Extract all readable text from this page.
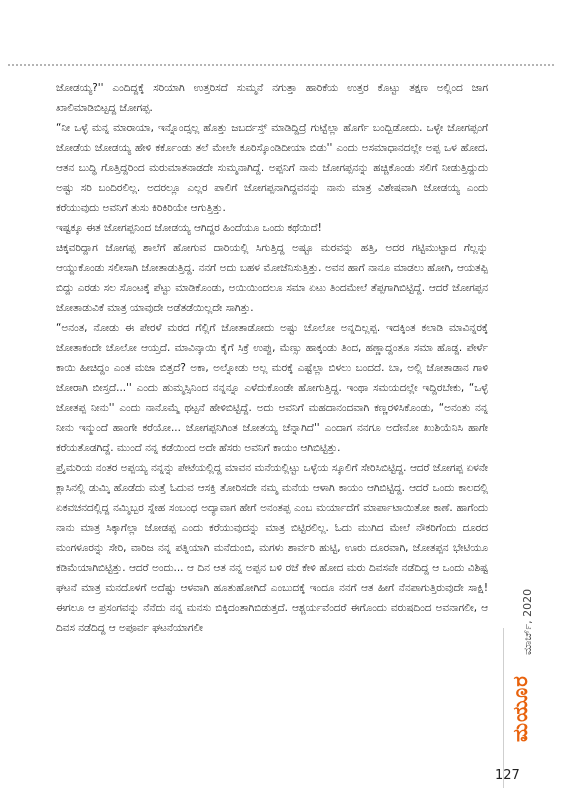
ಜೋಡಯ್ಯ?'' ಎಂದಿದ್ದಕ್ಕೆ ಸರಿಯಾಗಿ ಉತ್ತರಿಸದೆ ಸುಮ್ಮನೆ ನಗುತ್ತಾ ಹಾರಿಕೆಯ ಉತ್ತರ ಕೊಟ್ಟು ತಕ್ಷಣ ಅಲ್ಲಿಂದ ಜಾಗ ಖಾಲಿಮಾಡಿಬಿಟ್ಟದ್ದ ಜೋಗಪ್ಪ.

“ನೀ ಒಳ್ಳೆ ಮನ್ನ ಮಾರಾಯಾ, ಇನ್ನೊಂದ್ಸಲ್ಲ ಹೊತ್ತು ಜಬರ್ದಸ್ತ್ ಮಾಡಿದ್ದಿದ್ರೆ ಗುಟ್ಟೆಲ್ಲಾ ಹೊರ್ಗೆ ಬಂದ್ಬಿಡೋದು. ಒಳ್ಳೇ ಜೋಗಪ್ಪಂಗೆ ಜೋಡೆಯ ಜೋಡಯ್ಯ ಹೇಳಿ ಕರ್ಕೊಂಡು ತಲೆ ಮೇಲೇ ಕೂರಿಸ್ಕೊಂಡಿದೀಯಾ ಬಿಡು'' ಎಂದು ಅಸಮಾಧಾನದಲ್ಲೇ ಅಪ್ಪ ಒಳ ಹೋದ. ಆತನ ಬುದ್ಧಿ ಗೊತ್ತಿದ್ದರಿಂದ ಮರುಮಾತನಾಡದೇ ಸುಮ್ಮನಾಗಿದ್ದೆ. ಅಪ್ಪನಿಗೆ ನಾನು ಜೋಗಪ್ಪನನ್ನು ಹಚ್ಚಿಕೊಂಡು ಸಲಿಗೆ ನೀಡುತ್ತಿದ್ದುದು ಅಷ್ಟು ಸರಿ ಬಂದಿರಲಿಲ್ಲ. ಅದರಲ್ಲೂ ಎಲ್ಲರ ಪಾಲಿಗೆ ಜೋಗಪ್ಪನಾಗಿದ್ದವನನ್ನು ನಾನು ಮಾತ್ರ ವಿಶೇಷವಾಗಿ ಜೋಡಯ್ಯ ಎಂದು ಕರೆಯುವುದು ಅವನಿಗೆ ತುಸು ಕಿರಿಕಿರಿಯೇ ಆಗುತ್ತಿತ್ತು.

ಇಷ್ಟಕ್ಕೂ ಈತ ಜೋಗಪ್ಪನಿಂದ ಜೋಡಯ್ಯ ಆಗಿದ್ದರ ಹಿಂದೆಯೂ ಒಂದು ಕಥೆಯಿದೆ!

ಚಿಕ್ಕವರಿದ್ದಾಗ ಜೋಗಪ್ಪ ಶಾಲೆಗೆ ಹೋಗುವ ದಾರಿಯಲ್ಲಿ ಸಿಗುತ್ತಿದ್ದ ಅಷ್ಟೂ ಮರವನ್ನು ಹತ್ತಿ, ಅದರ ಗಟ್ಟಿಮುಟ್ಟಾದ ಗೆಲ್ಲನ್ನು ಆಯ್ದುಕೊಂಡು ಸಲೀಸಾಗಿ ಜೋತಾಡುತ್ತಿದ್ದ. ನನಗೆ ಅದು ಬಹಳ ಮೋಜೆನಿಸುತ್ತಿತ್ತು. ಅವನ ಹಾಗೆ ನಾನೂ ಮಾಡಲು ಹೋಗಿ, ಆಯತಪ್ಪಿ ಬಿದ್ದು ಎರಡು ಸಲ ಸೊಂಟಕ್ಕೆ ಪೆಟ್ಟು ಮಾಡಿಕೊಂಡು, ಅಯಿಯಿಂದಲೂ ಸಮಾ ಏಟು ತಿಂದಮೇಲೆ ತೆಪ್ಪಗಾಗಿಬಿಟ್ಟಿದ್ದೆ. ಆದರೆ ಜೋಗಪ್ಪನ ಜೋತಾಡುವಿಕೆ ಮಾತ್ರ ಯಾವುದೇ ಅಡೆತಡೆಯಿಲ್ಲದೇ ಸಾಗಿತ್ತು.

“ಅನಂತ, ನೋಡು ಈ ಪೇರಳೆ ಮರದ ಗೆಲ್ಲಿಗೆ ಜೋತಾಡೋದು ಅಷ್ಟು ಚೊಲೋ ಅನ್ನದಿಲ್ಲಪ್ಪ. ಇದಕ್ಕಿಂತ ಕಲಾಡಿ ಮಾವಿನ್ನರಕ್ಕೆ ಜೋತಾಕಂದೇ ಚೊಲೋ ಆಯ್ತದೆ. ಮಾವಿನ್ಕಾಯಿ ಕೈಗೆ ಸಿಕ್ರೆ ಉಪ್ಪು, ಮೆಣ್ಸು ಹಾಕ್ಕಂಡು ತಿಂದ, ಹಣ್ಣಾದ್ದಂತೂ ಸಮಾ ಹೊಡ್ದ. ಪೇರ್ಳೆ ಕಾಯಿ ಹೀಚಿದ್ದಂ ಎಂತ ಮಜಾ ಬಿತ್ತದೆ? ಅಕಾ, ಅಲ್ನೋಡು ಅಲ್ಲ ಮರಕ್ಕೆ ಎಷ್ಟೆಲ್ಲಾ ಬಿಳಲು ಬಂದದೆ. ಬಾ, ಅಲ್ಲಿ ಜೋತಾಡಾನ ಗಾಳಿ ಜೋರಾಗಿ ಬೀಸ್ತದೆ...'' ಎಂದು ಹುಮ್ಮಸ್ಸಿನಿಂದ ನನ್ನನ್ನೂ ಎಳೆದುಕೊಂಡೇ ಹೋಗುತ್ತಿದ್ದ. ಇಂಥಾ ಸಮಯದಲ್ಲೇ ಇದ್ದಿರಬೇಕು, “ಒಳ್ಳೆ ಜೋತಪ್ಪ ನೀನು'' ಎಂದು ನಾನೊಮ್ಮೆ ಥಟ್ಟನೆ ಹೇಳಿಬಿಟ್ಟಿದ್ದೆ. ಅದು ಅವನಿಗೆ ಮಹದಾನಂದವಾಗಿ ಕಣ್ಣರಳಿಸಿಕೊಂಡು, “ಅನಂತು ನನ್ನ ನೀನು ಇನ್ಮುಂದೆ ಹಾಂಗೇ ಕರೆಯೋ... ಜೋಗಪ್ಪನಿಗಿಂತ ಜೋತಯ್ಯ ಚೆನ್ನಾಗಿದೆ'' ಎಂದಾಗ ನನಗೂ ಅದೇನೋ ಖುಶಿಯೆನಿಸಿ ಹಾಗೇ ಕರೆಯತೊಡಗಿದ್ದೆ. ಮುಂದೆ ನನ್ನ ಕಡೆಯಿಂದ ಅದೇ ಹೆಸರು ಅವನಿಗೆ ಕಾಯಂ ಆಗಿಬಿಟ್ಟಿತ್ತು.

ಪ್ರೈಮರಿಯ ನಂತರ ಅಪ್ಪಯ್ಯ ನನ್ನನ್ನು ಪೇಟೆಯಲ್ಲಿದ್ದ ಮಾವನ ಮನೆಯಲ್ಲಿಟ್ಟು ಒಳ್ಳೆಯ ಸ್ಕೂಲಿಗೆ ಸೇರಿಸಿಬಿಟ್ಟಿದ್ದ. ಆದರೆ ಜೋಗಪ್ಪ ಏಳನೇ ಕ್ಲಾಸಿನಲ್ಲಿ ಡುಮ್ಕಿ ಹೊಡೆದು ಮತ್ತೆ ಓದುವ ಆಸಕ್ತಿ ತೋರಿಸದೇ ನಮ್ಮ ಮನೆಯ ಆಳಾಗಿ ಕಾಯಂ ಆಗಿಬಿಟ್ಟಿದ್ದ. ಆದರೆ ಒಂದು ಕಾಲದಲ್ಲಿ ಏಕವಚನದಲ್ಲಿದ್ದ ನಮ್ಮಿಬ್ಬರ ಸ್ನೇಹ ಸಂಬಂಧ ಅದ್ಯಾವಾಗ ಹೇಗೆ ಅನಂತಪ್ಪ ಎಂಬ ಮರ್ಯಾದೆಗೆ ಮಾರ್ಪಾಟಾಯಿತೋ ಕಾಣೆ. ಹಾಗೆಂದು ನಾನು ಮಾತ್ರ ಸಿಕ್ಕಾಗೆಲ್ಲಾ ಜೋಡಪ್ಪ ಎಂದು ಕರೆಯುವುದನ್ನು ಮಾತ್ರ ಬಿಟ್ಟಿರಲಿಲ್ಲ. ಓದು ಮುಗಿದ ಮೇಲೆ ನೌಕರಿಗೆಂದು ದೂರದ ಮಂಗಳೂರನ್ನು ಸೇರಿ, ವಾರಿಜ ನನ್ನ ಪತ್ನಿಯಾಗಿ ಮನೆದುಂಬಿ, ಮಗಳು ಶಾರ್ವರಿ ಹುಟ್ಟಿ, ಊರು ದೂರವಾಗಿ, ಜೋತಪ್ಪನ ಭೇಟಿಯೂ ಕಡಿಮೆಯಾಗಿಬಿಟ್ಟಿತ್ತು. ಆದರೆ ಅಂದು... ಆ ದಿನ ಆತ ನನ್ನ ಅಪ್ಪನ ಬಳಿ ರಜೆ ಕೇಳಿ ಹೋದ ಮರು ದಿವಸವೇ ನಡೆದಿದ್ದ ಆ ಒಂದು ವಿಶಿಷ್ಟ ಘಟನೆ ಮಾತ್ರ ಮನದೊಳಗೆ ಅದೆಷ್ಟು ಆಳವಾಗಿ ಹೂತುಹೋಗಿದೆ ಎಂಬುದಕ್ಕೆ ಇಂದೂ ನನಗೆ ಆತ ಹೀಗೆ ನೆನಪಾಗುತ್ತಿರುವುದೇ ಸಾಕ್ಷಿ! ಈಗಲೂ ಆ ಪ್ರಸಂಗವನ್ನು ನೆನೆದು ನನ್ನ ಮನಸು ಬಿಕ್ಕಿದಂತಾಗಿಬಿಡುತ್ತದೆ. ಆಶ್ಚರ್ಯವೆಂದರೆ ಈಗೊಂದು ವರುಷದಿಂದ ಅವನಾಗಲೀ, ಆ ದಿವಸ ನಡೆದಿದ್ದ ಆ ಅಪೂರ್ವ ಘಟನೆಯಾಗಲೀ	ಮಾರ್ಚ್, 2020
ಮಯೂರ
127
